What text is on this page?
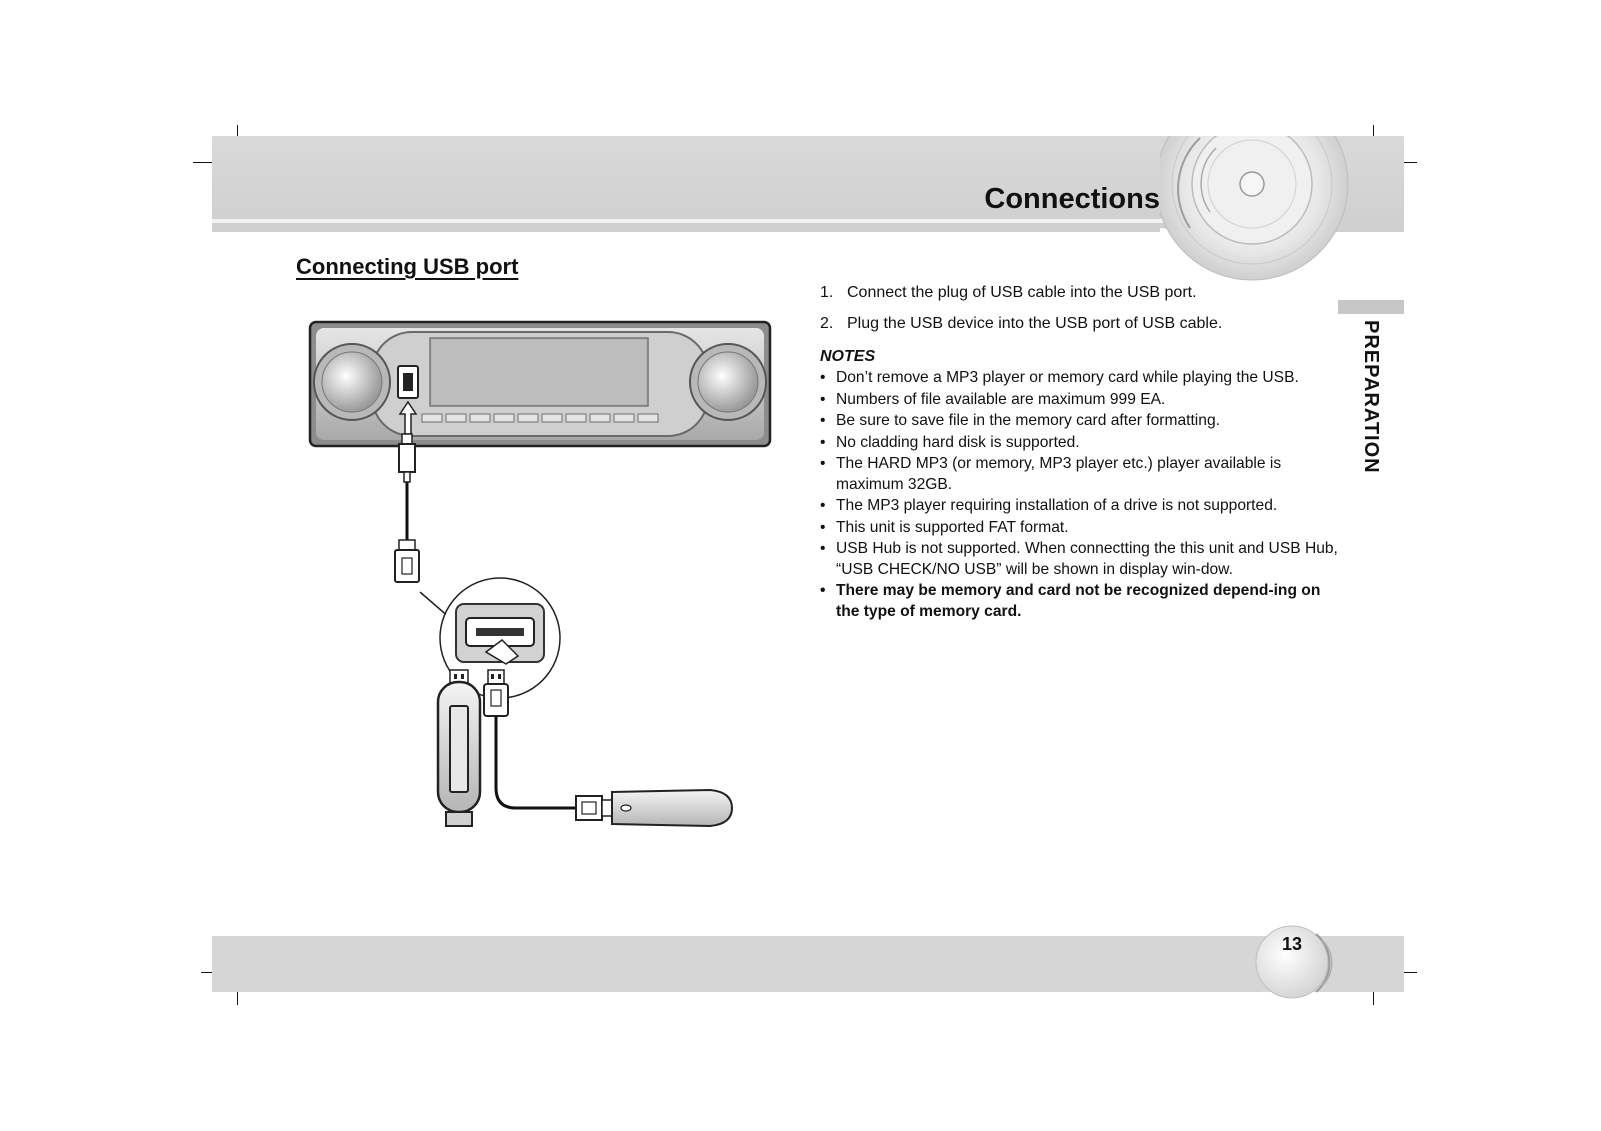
Connections
PREPARATION
Connecting USB port
1. Connect the plug of USB cable into the USB port.
2. Plug the USB device into the USB port of USB cable.
NOTES
• Don’t remove a MP3 player or memory card while playing the USB.
• Numbers of file available are maximum 999 EA.
• Be sure to save file in the memory card after formatting.
• No cladding hard disk is supported.
• The HARD MP3 (or memory, MP3 player etc.) player available is maximum 32GB.
• The MP3 player requiring installation of a drive is not supported.
• This unit is supported FAT format.
• USB Hub is not supported. When connectting the this unit and USB Hub, “USB CHECK/NO USB” will be shown in display win-dow.
• There may be memory and card not be recognized depend-ing on the type of memory card.
13
